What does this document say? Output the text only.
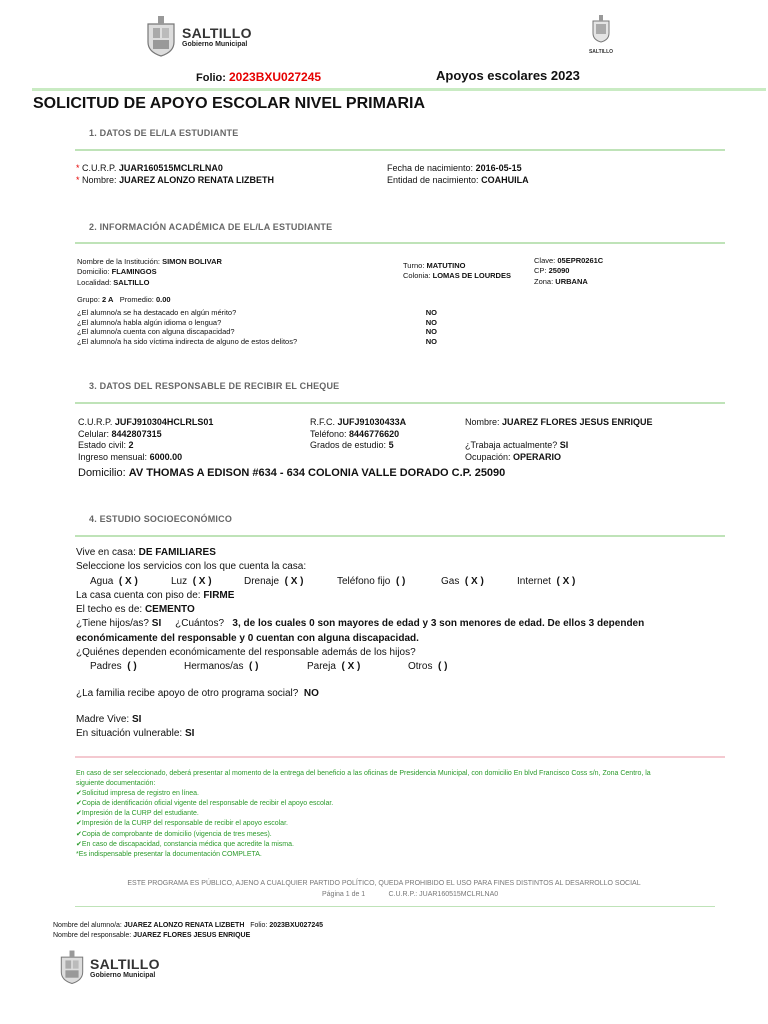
SALTILLO
Gobierno Municipal
SALTILLO
Folio: 2023BXU027245	Apoyos escolares 2023
SOLICITUD DE APOYO ESCOLAR NIVEL PRIMARIA
1. DATOS DE EL/LA ESTUDIANTE
* C.U.R.P. JUAR160515MCLRLNA0
* Nombre: JUAREZ ALONZO RENATA LIZBETH
Fecha de nacimiento: 2016-05-15
Entidad de nacimiento: COAHUILA
2. INFORMACIÓN ACADÉMICA DE EL/LA ESTUDIANTE
Nombre de la Institución: SIMON BOLIVAR
Domicilio: FLAMINGOS
Localidad: SALTILLO
Turno: MATUTINO
Colonia: LOMAS DE LOURDES
Clave: 05EPR0261C
CP: 25090
Zona: URBANA
Grupo: 2 A Promedio: 0.00
¿El alumno/a se ha destacado en algún mérito?	NO
¿El alumno/a habla algún idioma o lengua?	NO
¿El alumno/a cuenta con alguna discapacidad?	NO
¿El alumno/a ha sido víctima indirecta de alguno de estos delitos?	NO
3. DATOS DEL RESPONSABLE DE RECIBIR EL CHEQUE
C.U.R.P. JUFJ910304HCLRLS01
Celular: 8442807315
Estado civil: 2
Ingreso mensual: 6000.00
R.F.C. JUFJ91030433A
Teléfono: 8446776620
Grados de estudio: 5
Nombre: JUAREZ FLORES JESUS ENRIQUE

¿Trabaja actualmente? SI
Ocupación: OPERARIO
Domicilio: AV THOMAS A EDISON #634 - 634 COLONIA VALLE DORADO C.P. 25090
4. ESTUDIO SOCIOECONÓMICO
Vive en casa: DE FAMILIARES
Seleccione los servicios con los que cuenta la casa:
Agua ( X )	Luz ( X )	Drenaje ( X )	Teléfono fijo ( )	Gas ( X )	Internet ( X )
La casa cuenta con piso de: FIRME
El techo es de: CEMENTO
¿Tiene hijos/as? SI ¿Cuántos? 3, de los cuales 0 son mayores de edad y 3 son menores de edad. De ellos 3 dependen
económicamente del responsable y 0 cuentan con alguna discapacidad.
¿Quiénes dependen económicamente del responsable además de los hijos?
Padres ( )	Hermanos/as ( )	Pareja ( X )	Otros ( )
¿La familia recibe apoyo de otro programa social? NO
Madre Vive: SI
En situación vulnerable: SI
En caso de ser seleccionado, deberá presentar al momento de la entrega del beneficio a las oficinas de Presidencia Municipal, con domicilio En blvd Francisco Coss s/n, Zona Centro, la
siguiente documentación:
✔Solicitud impresa de registro en línea.
✔Copia de identificación oficial vigente del responsable de recibir el apoyo escolar.
✔Impresión de la CURP del estudiante.
✔Impresión de la CURP del responsable de recibir el apoyo escolar.
✔Copia de comprobante de domicilio (vigencia de tres meses).
✔En caso de discapacidad, constancia médica que acredite la misma.
*Es indispensable presentar la documentación COMPLETA.
ESTE PROGRAMA ES PÚBLICO, AJENO A CUALQUIER PARTIDO POLÍTICO, QUEDA PROHIBIDO EL USO PARA FINES DISTINTOS AL DESARROLLO SOCIAL
Página 1 de 1	C.U.R.P.: JUAR160515MCLRLNA0
Nombre del alumno/a: JUAREZ ALONZO RENATA LIZBETH Folio: 2023BXU027245
Nombre del responsable: JUAREZ FLORES JESUS ENRIQUE
SALTILLO
Gobierno Municipal
